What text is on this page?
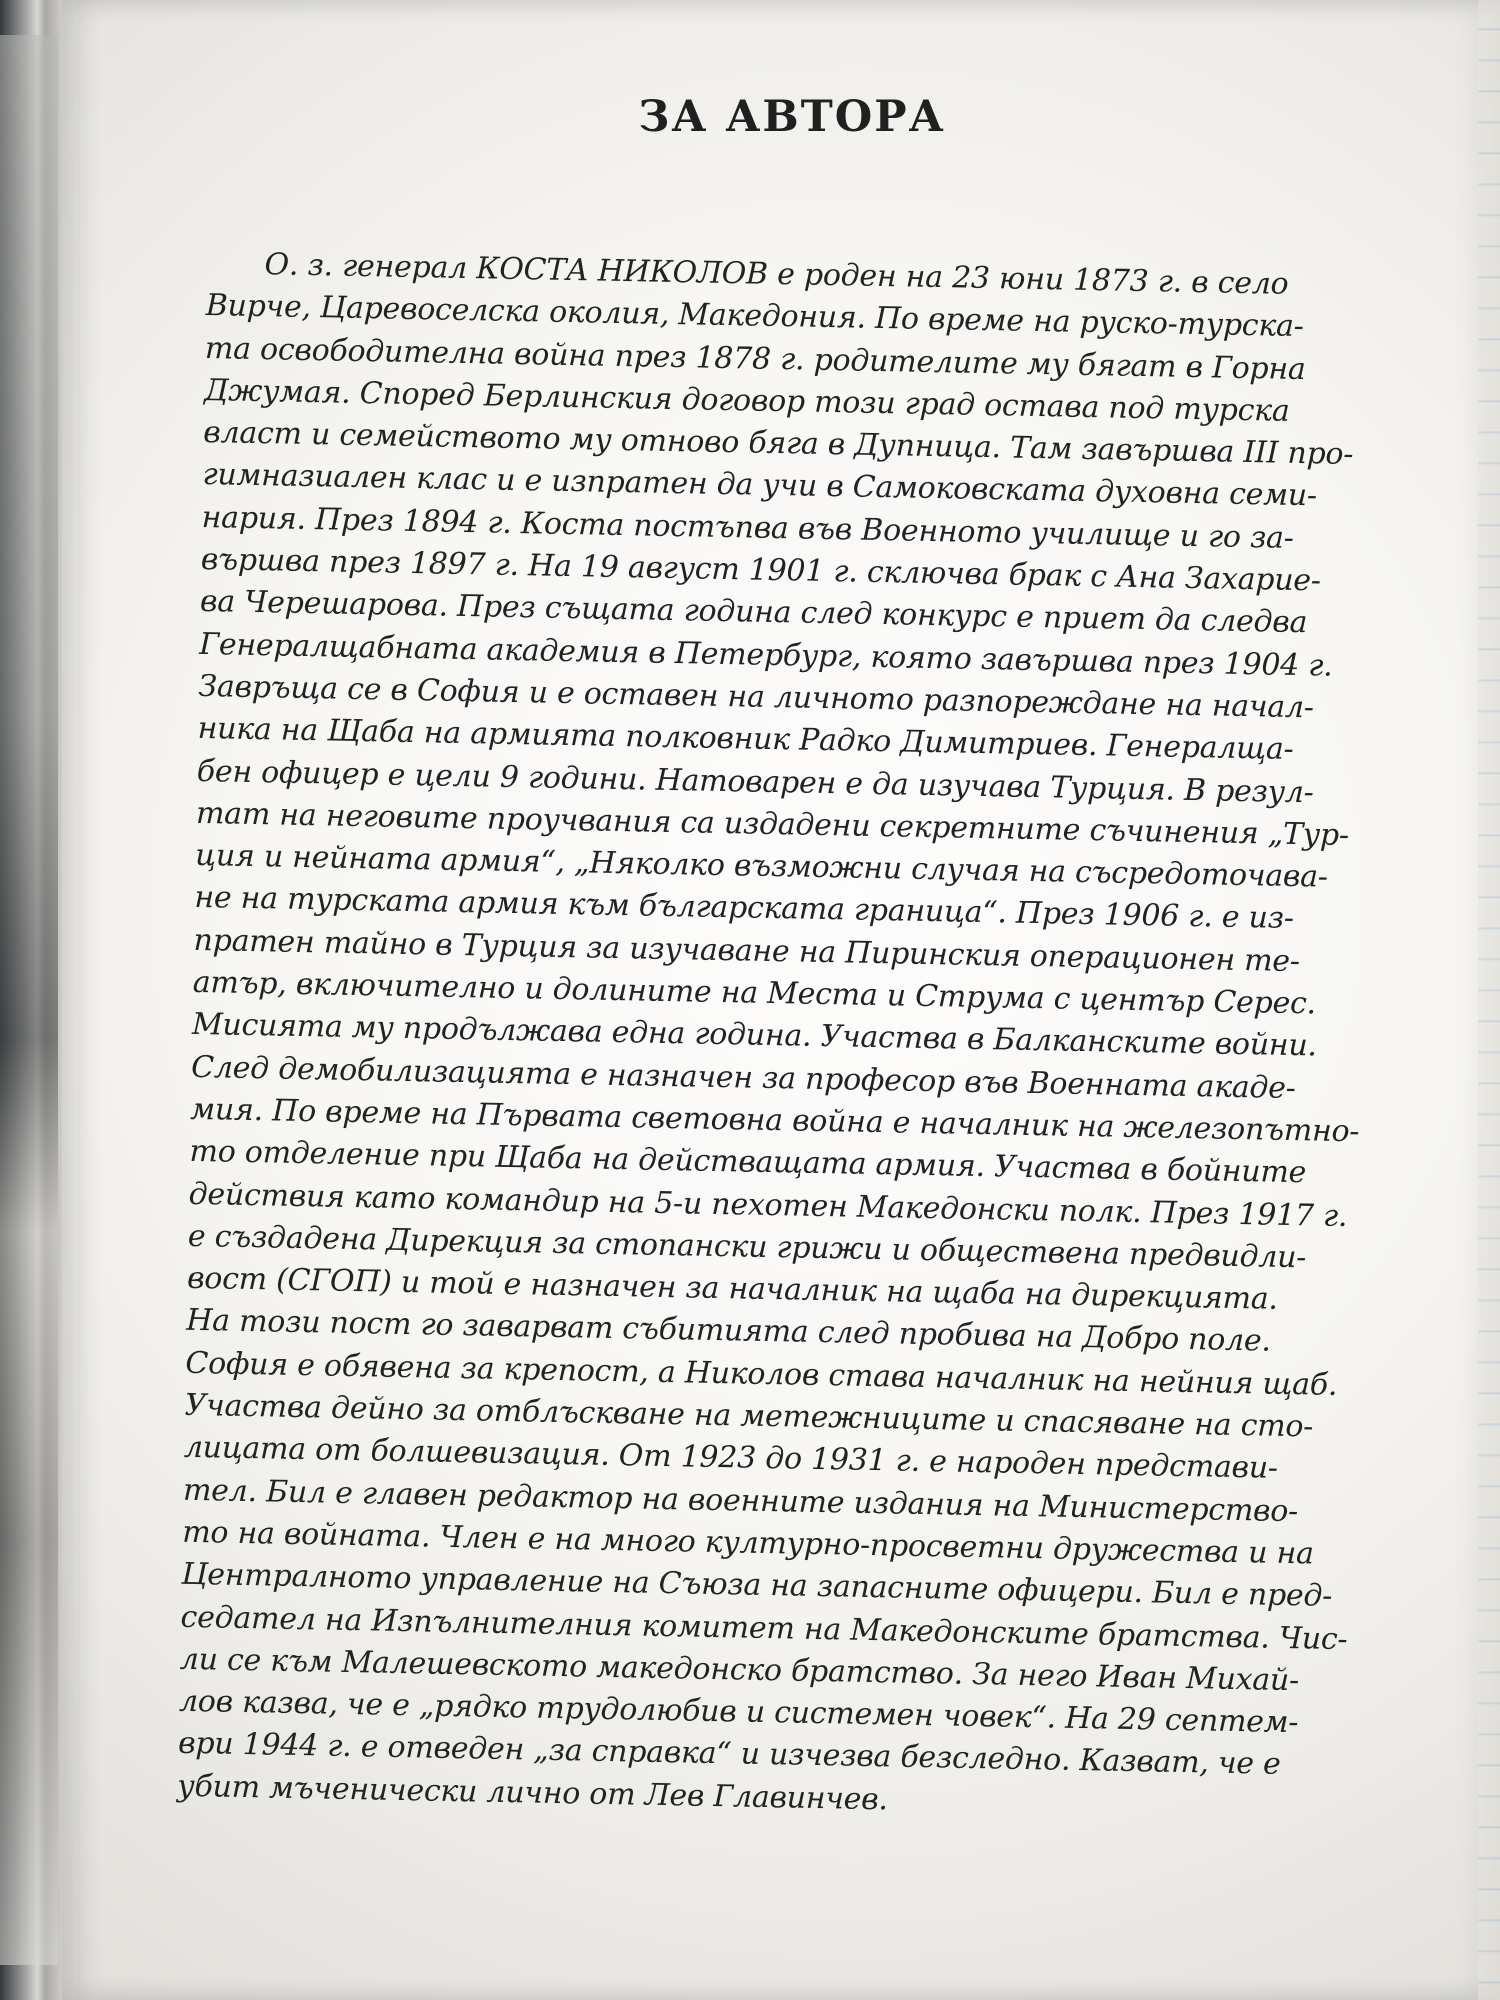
ЗА АВТОРА
О. з. генерал КОСТА НИКОЛОВ е роден на 23 юни 1873 г. в село
Вирче, Царевоселска околия, Македония. По време на руско-турска-
та освободителна война през 1878 г. родителите му бягат в Горна
Джумая. Според Берлинския договор този град остава под турска
власт и семейството му отново бяга в Дупница. Там завършва III про-
гимназиален клас и е изпратен да учи в Самоковската духовна семи-
нария. През 1894 г. Коста постъпва във Военното училище и го за-
вършва през 1897 г. На 19 август 1901 г. сключва брак с Ана Захарие-
ва Черешарова. През същата година след конкурс е приет да следва
Генералщабната академия в Петербург, която завършва през 1904 г.
Завръща се в София и е оставен на личното разпореждане на начал-
ника на Щаба на армията полковник Радко Димитриев. Генералща-
бен офицер е цели 9 години. Натоварен е да изучава Турция. В резул-
тат на неговите проучвания са издадени секретните съчинения „Тур-
ция и нейната армия“, „Няколко възможни случая на съсредоточава-
не на турската армия към българската граница“. През 1906 г. е из-
пратен тайно в Турция за изучаване на Пиринския операционен те-
атър, включително и долините на Места и Струма с център Серес.
Мисията му продължава една година. Участва в Балканските войни.
След демобилизацията е назначен за професор във Военната акаде-
мия. По време на Първата световна война е началник на железопътно-
то отделение при Щаба на действащата армия. Участва в бойните
действия като командир на 5-и пехотен Македонски полк. През 1917 г.
е създадена Дирекция за стопански грижи и обществена предвидли-
вост (СГОП) и той е назначен за началник на щаба на дирекцията.
На този пост го заварват събитията след пробива на Добро поле.
София е обявена за крепост, а Николов става началник на нейния щаб.
Участва дейно за отблъскване на метежниците и спасяване на сто-
лицата от болшевизация. От 1923 до 1931 г. е народен представи-
тел. Бил е главен редактор на военните издания на Министерство-
то на войната. Член е на много културно-просветни дружества и на
Централното управление на Съюза на запасните офицери. Бил е пред-
седател на Изпълнителния комитет на Македонските братства. Чис-
ли се към Малешевското македонско братство. За него Иван Михай-
лов казва, че е „рядко трудолюбив и системен човек“. На 29 септем-
ври 1944 г. е отведен „за справка“ и изчезва безследно. Казват, че е
убит мъченически лично от Лев Главинчев.
